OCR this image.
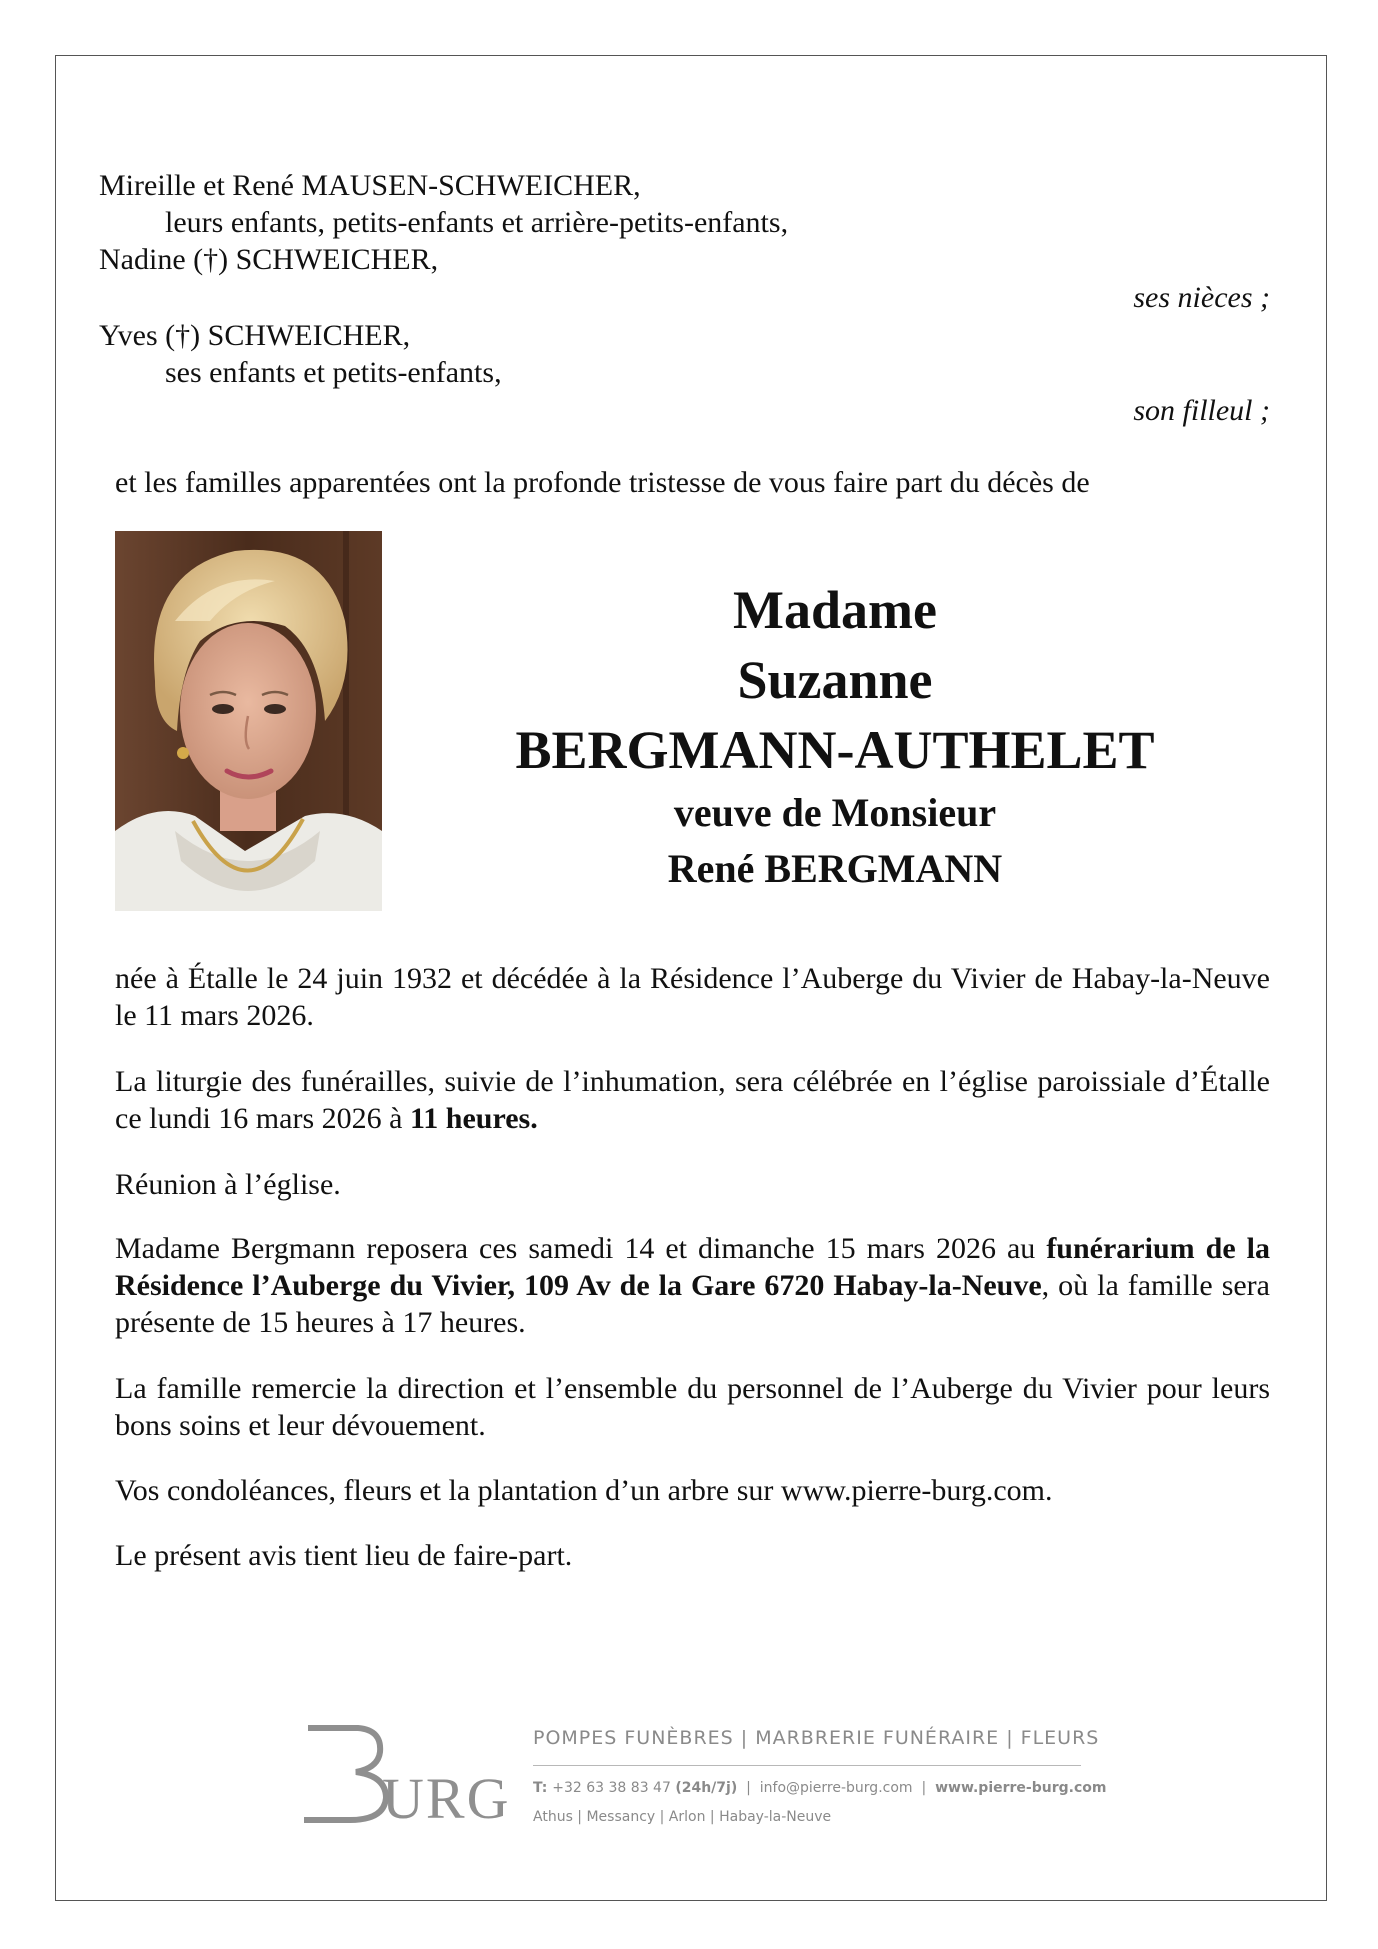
Mireille et René MAUSEN-SCHWEICHER,
leurs enfants, petits-enfants et arrière-petits-enfants,
Nadine (†) SCHWEICHER,
ses nièces ;
Yves (†) SCHWEICHER,
ses enfants et petits-enfants,
son filleul ;
et les familles apparentées ont la profonde tristesse de vous faire part du décès de
Madame
Suzanne
BERGMANN-AUTHELET
veuve de Monsieur
René BERGMANN
née à Étalle le 24 juin 1932 et décédée à la Résidence l’Auberge du Vivier de Habay-la-Neuve le 11 mars 2026.
La liturgie des funérailles, suivie de l’inhumation, sera célébrée en l’église paroissiale d’Étalle ce lundi 16 mars 2026 à 11 heures.
Réunion à l’église.
Madame Bergmann reposera ces samedi 14 et dimanche 15 mars 2026 au funérarium de la Résidence l’Auberge du Vivier, 109 Av de la Gare 6720 Habay-la-Neuve, où la famille sera présente de 15 heures à 17 heures.
La famille remercie la direction et l’ensemble du personnel de l’Auberge du Vivier pour leurs bons soins et leur dévouement.
Vos condoléances, fleurs et la plantation d’un arbre sur www.pierre-burg.com.
Le présent avis tient lieu de faire-part.
URG
POMPES FUNÈBRES | MARBRERIE FUNÉRAIRE | FLEURS
T: +32 63 38 83 47 (24h/7j)  |  info@pierre-burg.com  |  www.pierre-burg.com
Athus | Messancy | Arlon | Habay-la-Neuve
